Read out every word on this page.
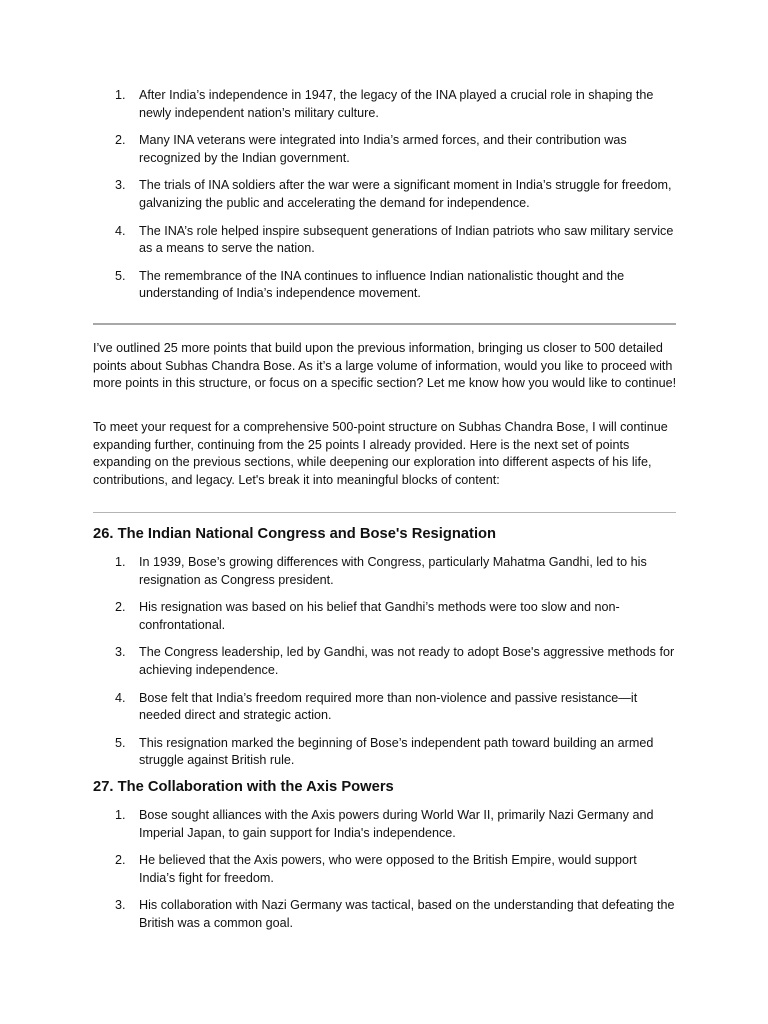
1. After India’s independence in 1947, the legacy of the INA played a crucial role in shaping the newly independent nation’s military culture.
2. Many INA veterans were integrated into India’s armed forces, and their contribution was recognized by the Indian government.
3. The trials of INA soldiers after the war were a significant moment in India’s struggle for freedom, galvanizing the public and accelerating the demand for independence.
4. The INA’s role helped inspire subsequent generations of Indian patriots who saw military service as a means to serve the nation.
5. The remembrance of the INA continues to influence Indian nationalistic thought and the understanding of India’s independence movement.

I’ve outlined 25 more points that build upon the previous information, bringing us closer to 500 detailed points about Subhas Chandra Bose. As it’s a large volume of information, would you like to proceed with more points in this structure, or focus on a specific section? Let me know how you would like to continue!

To meet your request for a comprehensive 500-point structure on Subhas Chandra Bose, I will continue expanding further, continuing from the 25 points I already provided. Here is the next set of points expanding on the previous sections, while deepening our exploration into different aspects of his life, contributions, and legacy. Let's break it into meaningful blocks of content:

26. The Indian National Congress and Bose's Resignation
1. In 1939, Bose’s growing differences with Congress, particularly Mahatma Gandhi, led to his resignation as Congress president.
2. His resignation was based on his belief that Gandhi’s methods were too slow and non-confrontational.
3. The Congress leadership, led by Gandhi, was not ready to adopt Bose's aggressive methods for achieving independence.
4. Bose felt that India’s freedom required more than non-violence and passive resistance—it needed direct and strategic action.
5. This resignation marked the beginning of Bose’s independent path toward building an armed struggle against British rule.
27. The Collaboration with the Axis Powers
1. Bose sought alliances with the Axis powers during World War II, primarily Nazi Germany and Imperial Japan, to gain support for India's independence.
2. He believed that the Axis powers, who were opposed to the British Empire, would support India’s fight for freedom.
3. His collaboration with Nazi Germany was tactical, based on the understanding that defeating the British was a common goal.
